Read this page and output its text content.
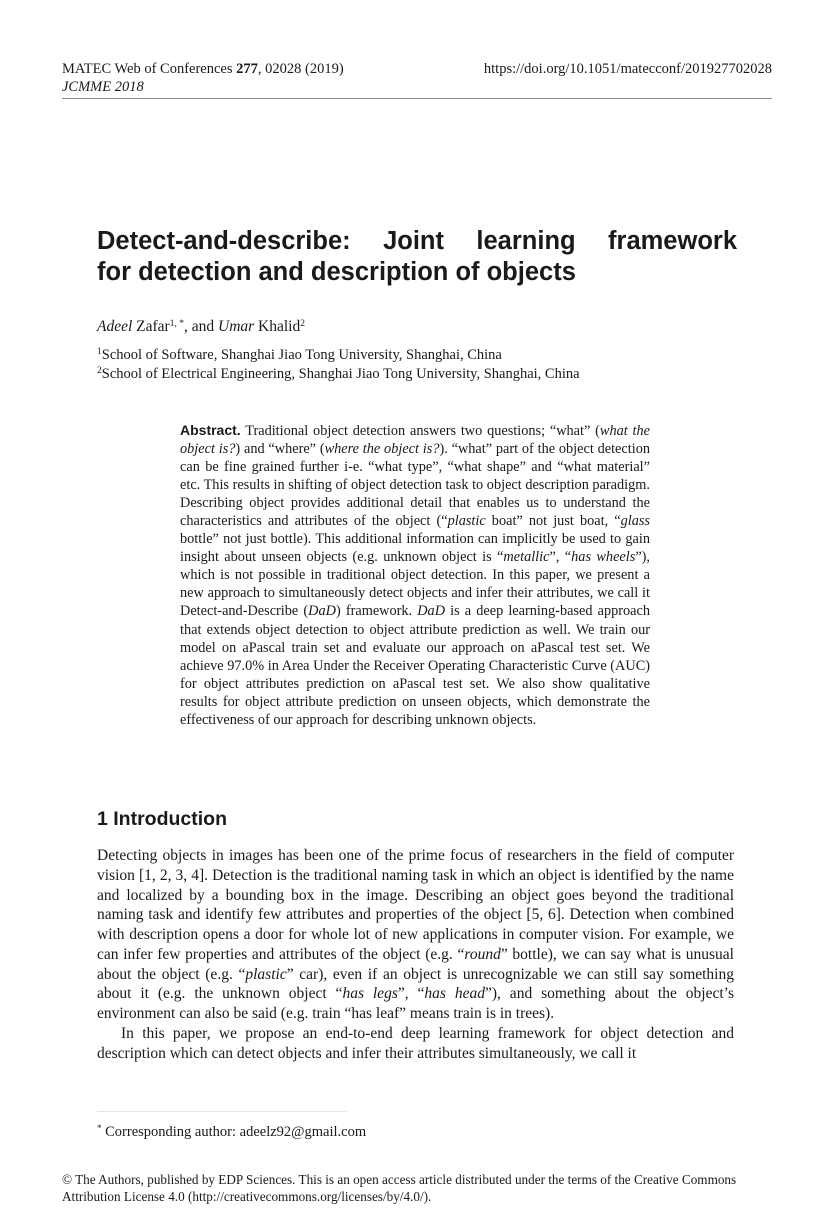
MATEC Web of Conferences 277, 02028 (2019)
JCMME 2018
https://doi.org/10.1051/matecconf/201927702028
Detect-and-describe: Joint learning framework
for detection and description of objects
Adeel Zafar$^{1, *}$, and Umar Khalid$^2$
$^1$School of Software, Shanghai Jiao Tong University, Shanghai, China
$^2$School of Electrical Engineering, Shanghai Jiao Tong University, Shanghai, China
Abstract. Traditional object detection answers two questions; “what” (what the object is?) and “where” (where the object is?). “what” part of the object detection can be fine grained further i-e. “what type”, “what shape” and “what material” etc. This results in shifting of object detection task to object description paradigm. Describing object provides additional detail that enables us to understand the characteristics and attributes of the object (“plastic boat” not just boat, “glass bottle” not just bottle). This additional information can implicitly be used to gain insight about unseen objects (e.g. unknown object is “metallic”, “has wheels”), which is not possible in traditional object detection. In this paper, we present a new approach to simultaneously detect objects and infer their attributes, we call it Detect-and-Describe (DaD) framework. DaD is a deep learning-based approach that extends object detection to object attribute prediction as well. We train our model on aPascal train set and evaluate our approach on aPascal test set. We achieve 97.0% in Area Under the Receiver Operating Characteristic Curve (AUC) for object attributes prediction on aPascal test set. We also show qualitative results for object attribute prediction on unseen objects, which demonstrate the effectiveness of our approach for describing unknown objects.
1 Introduction

Detecting objects in images has been one of the prime focus of researchers in the field of computer vision [1, 2, 3, 4]. Detection is the traditional naming task in which an object is identified by the name and localized by a bounding box in the image. Describing an object goes beyond the traditional naming task and identify few attributes and properties of the object [5, 6]. Detection when combined with description opens a door for whole lot of new applications in computer vision. For example, we can infer few properties and attributes of the object (e.g. “round” bottle), we can say what is unusual about the object (e.g. “plastic” car), even if an object is unrecognizable we can still say something about it (e.g. the unknown object “has legs”, “has head”), and something about the object’s environment can also be said (e.g. train “has leaf” means train is in trees).

In this paper, we propose an end-to-end deep learning framework for object detection and description which can detect objects and infer their attributes simultaneously, we call it

* Corresponding author: adeelz92@gmail.com
© The Authors, published by EDP Sciences. This is an open access article distributed under the terms of the Creative Commons
Attribution License 4.0 (http://creativecommons.org/licenses/by/4.0/).
